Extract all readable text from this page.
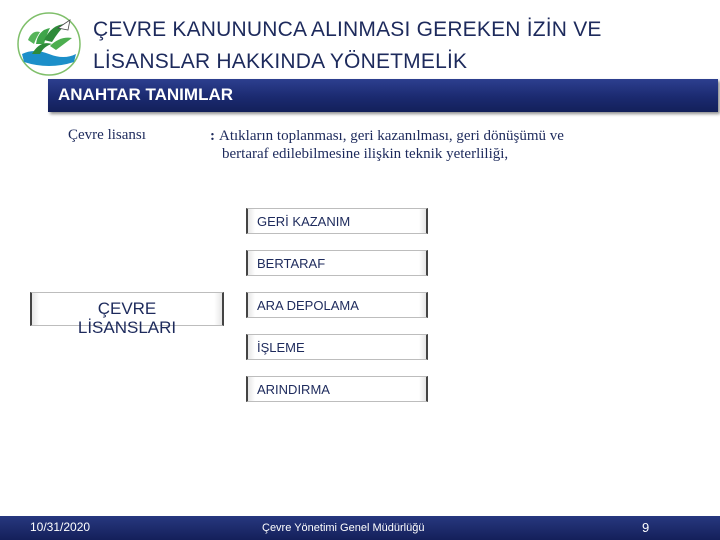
ÇEVRE KANUNUNCA ALINMASI GEREKEN İZİN VE
LİSANSLAR HAKKINDA YÖNETMELİK
ANAHTAR TANIMLAR
Çevre lisansı	: Atıkların toplanması, geri kazanılması, geri dönüşümü ve
bertaraf edilebilmesine ilişkin teknik yeterliliği,
ÇEVRE
LİSANSLARI
GERİ KAZANIM
BERTARAF
ARA DEPOLAMA
İŞLEME
ARINDIRMA
10/31/2020	Çevre Yönetimi Genel Müdürlüğü	9
